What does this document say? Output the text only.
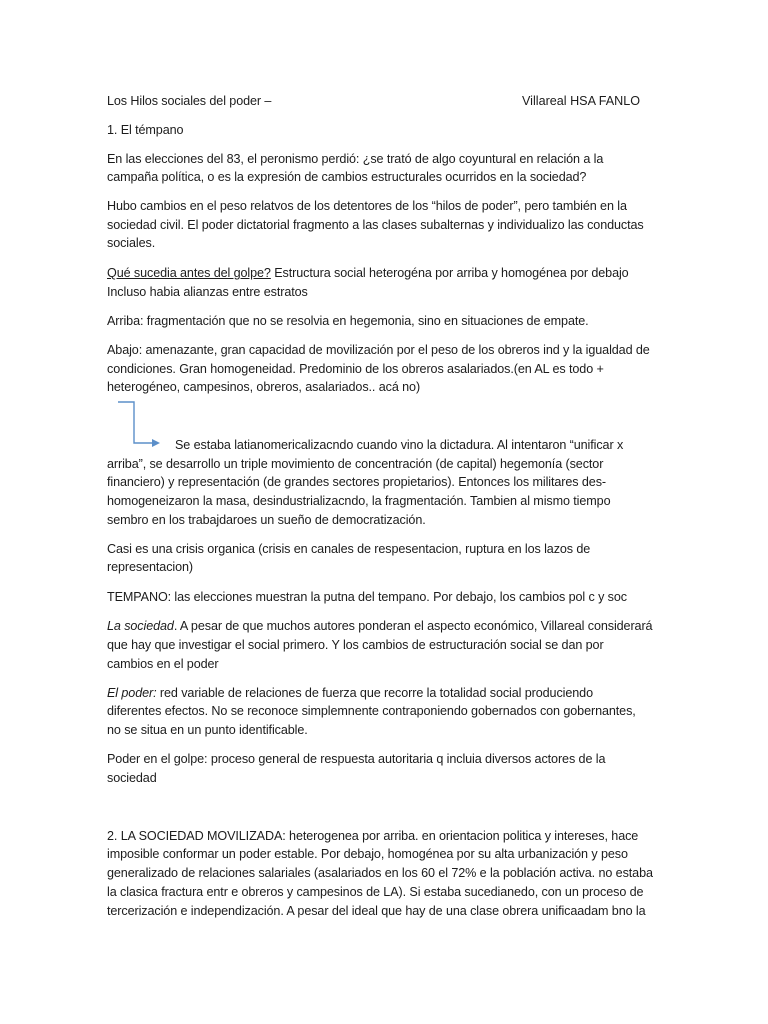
Los Hilos sociales del poder –	Villareal HSA FANLO
1. El témpano
En las elecciones del 83, el peronismo perdió: ¿se trató de algo coyuntural en relación a la
campaña política, o es la expresión de cambios estructurales ocurridos en la sociedad?
Hubo cambios en el peso relatvos de los detentores de los “hilos de poder”, pero también en la
sociedad civil. El poder dictatorial fragmento a las clases subalternas y individualizo las conductas
sociales.
Qué sucedia antes del golpe? Estructura social heterogéna por arriba y homogénea por debajo
Incluso habia alianzas entre estratos
Arriba: fragmentación que no se resolvia en hegemonia, sino en situaciones de empate.
Abajo: amenazante, gran capacidad de movilización por el peso de los obreros ind y la igualdad de
condiciones. Gran homogeneidad. Predominio de los obreros asalariados.(en AL es todo +
heterogéneo, campesinos, obreros, asalariados.. acá no)
Se estaba latianomericalizacndo cuando vino la dictadura. Al intentaron “unificar x
arriba”, se desarrollo un triple movimiento de concentración (de capital) hegemonía (sector
financiero) y representación (de grandes sectores propietarios). Entonces los militares des-
homogeneizaron la masa, desindustrializacndo, la fragmentación. Tambien al mismo tiempo
sembro en los trabajdaroes un sueño de democratización.
Casi es una crisis organica (crisis en canales de respesentacion, ruptura en los lazos de
representacion)
TEMPANO: las elecciones muestran la putna del tempano. Por debajo, los cambios pol c y soc
La sociedad. A pesar de que muchos autores ponderan el aspecto económico, Villareal considerará
que hay que investigar el social primero. Y los cambios de estructuración social se dan por
cambios en el poder
El poder: red variable de relaciones de fuerza que recorre la totalidad social produciendo
diferentes efectos. No se reconoce simplemnente contraponiendo gobernados con gobernantes,
no se situa en un punto identificable.
Poder en el golpe: proceso general de respuesta autoritaria q incluia diversos actores de la
sociedad
2. LA SOCIEDAD MOVILIZADA: heterogenea por arriba. en orientacion politica y intereses, hace
imposible conformar un poder estable. Por debajo, homogénea por su alta urbanización y peso
generalizado de relaciones salariales (asalariados en los 60 el 72% e la población activa. no estaba
la clasica fractura entr e obreros y campesinos de LA). Si estaba sucedianedo, con un proceso de
tercerización e independización. A pesar del ideal que hay de una clase obrera unificaadam bno la
